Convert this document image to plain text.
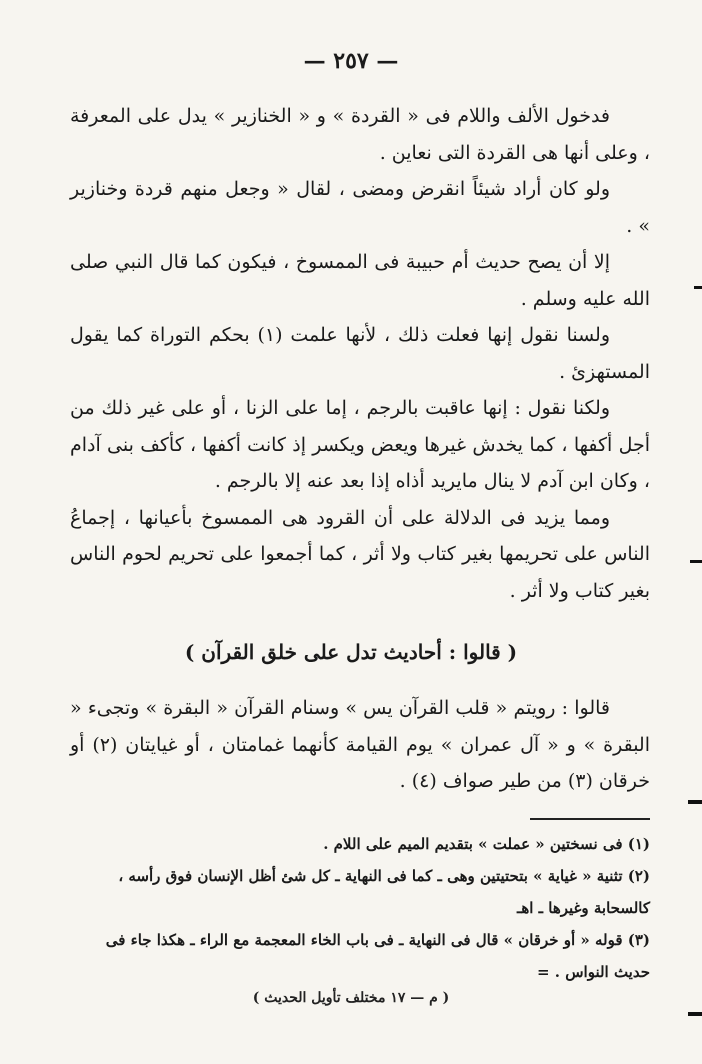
— ٢٥٧ —

فدخول الألف واللام فى « القردة » و « الخنازير » يدل على المعرفة ، وعلى أنها هى القردة التى نعاين .

ولو كان أراد شيئاً انقرض ومضى ، لقال « وجعل منهم قردة وخنازير » .

إلا أن يصح حديث أم حبيبة فى الممسوخ ، فيكون كما قال النبي صلى الله عليه وسلم .

ولسنا نقول إنها فعلت ذلك ، لأنها علمت (١) بحكم التوراة كما يقول المستهزئ .

ولكنا نقول : إنها عاقبت بالرجم ، إما على الزنا ، أو على غير ذلك من أجل أكفها ، كما يخدش غيرها ويعض ويكسر إذ كانت أكفها ، كأكف بنى آدام ، وكان ابن آدم لا ينال مايريد أذاه إذا بعد عنه إلا بالرجم .

ومما يزيد فى الدلالة على أن القرود هى الممسوخ بأعيانها ، إجماعُ الناس على تحريمها بغير كتاب ولا أثر ، كما أجمعوا على تحريم لحوم الناس بغير كتاب ولا أثر .

( قالوا : أحاديث تدل على خلق القرآن )

قالوا : رويتم « قلب القرآن يس » وسنام القرآن « البقرة » وتجىء « البقرة » و « آل عمران » يوم القيامة كأنهما غمامتان ، أو غيايتان (٢) أو خرقان (٣) من طير صواف (٤) .

(١) فى نسختين « عملت » بتقديم الميم على اللام .

(٢) تثنية « غياية » بتحتيتين وهى ـ كما فى النهاية ـ كل شئ أظل الإنسان فوق رأسه ، كالسحابة وغيرها ـ اهـ

(٣) قوله « أو خرقان » قال فى النهاية ـ فى باب الخاء المعجمة مع الراء ـ هكذا جاء فى حديث النواس . =

( م — ١٧ مختلف تأويل الحديث )
